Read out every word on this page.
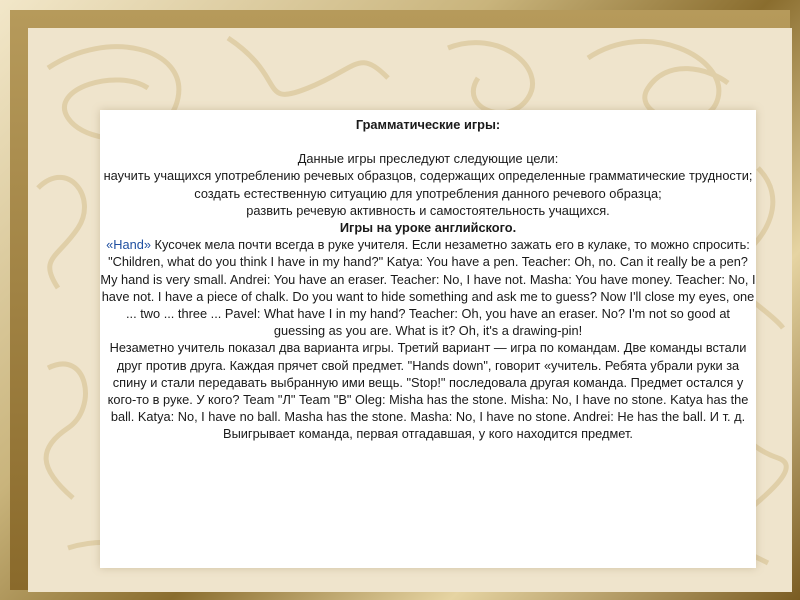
Грамматические игры:
Данные игры преследуют следующие цели:
научить учащихся употреблению речевых образцов, содержащих определенные грамматические трудности;
создать естественную ситуацию для употребления данного речевого образца;
развить речевую активность и самостоятельность учащихся.
Игры на уроке английского.
«Hand» Кусочек мела почти всегда в руке учителя. Если незаметно зажать его в кулаке, то можно спросить:
"Children, what do you think I have in my hand?" Katya: You have a pen. Teacher: Oh, no. Can it really be a pen? My hand is very small. Andrei: You have an eraser. Teacher: No, I have not. Masha: You have money. Teacher: No, I have not. I have a piece of chalk. Do you want to hide something and ask me to guess? Now I'll close my eyes, one ... two ... three ... Pavel: What have I in my hand? Teacher: Oh, you have an eraser. No? I'm not so good at guessing as you are. What is it? Oh, it's a drawing-pin!
Незаметно учитель показал два варианта игры. Третий вариант — игра по командам. Две команды встали друг против друга. Каждая прячет свой предмет. "Hands down", говорит «учитель. Ребята убрали руки за спину и стали передавать выбранную ими вещь. "Stop!" последовала другая команда. Предмет остался у кого-то в руке. У кого? Team "Л" Team "В" Oleg: Misha has the stone. Misha: No, I have no stone. Katya has the ball. Katya: No, I have no ball. Masha has the stone. Masha: No, I have no stone. Andrei: He has the ball. И т. д.
Выигрывает команда, первая отгадавшая, у кого находится предмет.
